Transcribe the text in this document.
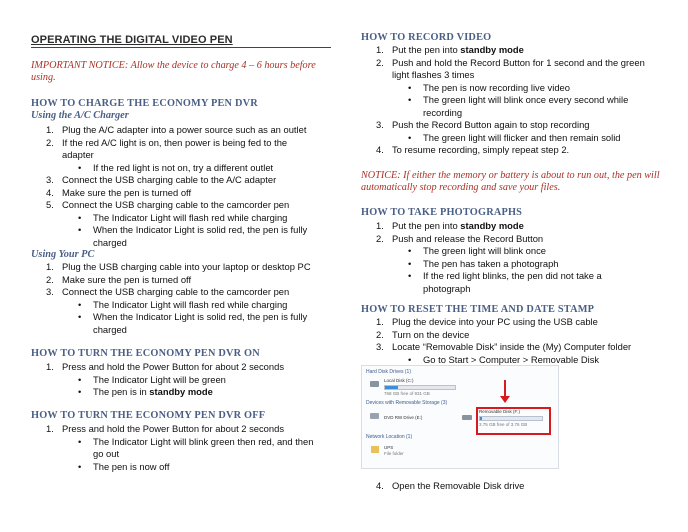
OPERATING THE DIGITAL VIDEO PEN
IMPORTANT NOTICE: Allow the device to charge 4 – 6 hours before using.
HOW TO CHARGE THE ECONOMY PEN DVR
Using the A/C Charger
1. Plug the A/C adapter into a power source such as an outlet
2. If the red A/C light is on, then power is being fed to the adapter
• If the red light is not on, try a different outlet
3. Connect the USB charging cable to the A/C adapter
4. Make sure the pen is turned off
5. Connect the USB charging cable to the camcorder pen
• The Indicator Light will flash red while charging
• When the Indicator Light is solid red, the pen is fully charged
Using Your PC
1. Plug the USB charging cable into your laptop or desktop PC
2. Make sure the pen is turned off
3. Connect the USB charging cable to the camcorder pen
• The Indicator Light will flash red while charging
• When the Indicator Light is solid red, the pen is fully charged
HOW TO TURN THE ECONOMY PEN DVR ON
1. Press and hold the Power Button for about 2 seconds
• The Indicator Light will be green
• The pen is in standby mode
HOW TO TURN THE ECONOMY PEN DVR OFF
1. Press and hold the Power Button for about 2 seconds
• The Indicator Light will blink green then red, and then go out
• The pen is now off
HOW TO RECORD VIDEO
1. Put the pen into standby mode
2. Push and hold the Record Button for 1 second and the green light flashes 3 times
• The pen is now recording live video
• The green light will blink once every second while recording
3. Push the Record Button again to stop recording
• The green light will flicker and then remain solid
4. To resume recording, simply repeat step 2.
NOTICE: If either the memory or battery is about to run out, the pen will automatically stop recording and save your files.
HOW TO TAKE PHOTOGRAPHS
1. Put the pen into standby mode
2. Push and release the Record Button
• The green light will blink once
• The pen has taken a photograph
• If the red light blinks, the pen did not take a photograph
HOW TO RESET THE TIME AND DATE STAMP
1. Plug the device into your PC using the USB cable
2. Turn on the device
3. Locate “Removable Disk” inside the (My) Computer folder
• Go to Start > Computer > Removable Disk
4. Open the Removable Disk drive
Hard Disk Drives (1)
Local Disk (C:)
768 GB free of 931 GB
Devices with Removable Storage (3)
DVD RW Drive (E:)
Removable Disk (F:)
3.75 GB free of 3.76 GB
Network Location (1)
UPS
File folder
